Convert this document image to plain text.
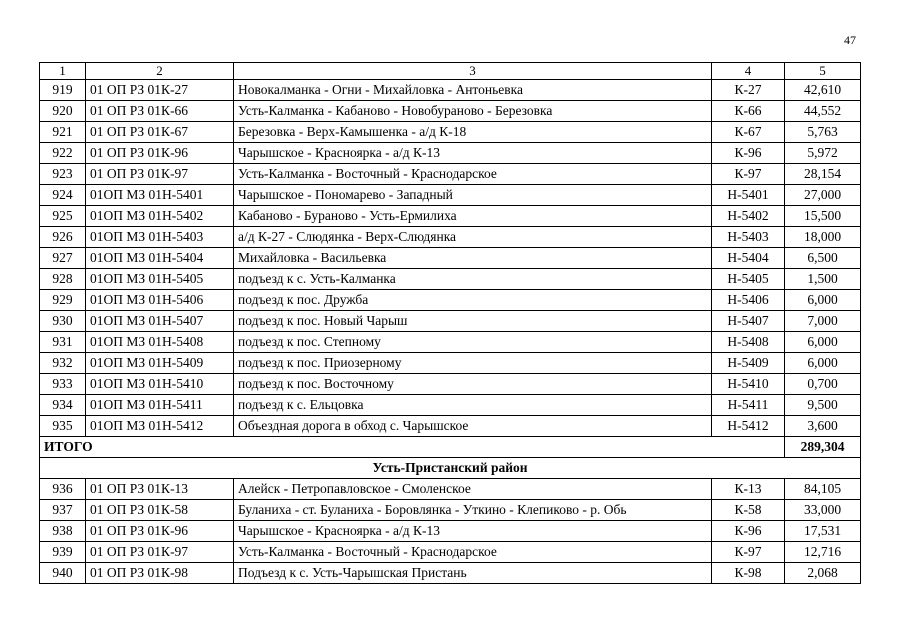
47
1	2	3	4	5
919	01 ОП РЗ 01К-27	Новокалманка - Огни - Михайловка - Антоньевка	К-27	42,610
920	01 ОП РЗ 01К-66	Усть-Калманка - Кабаново - Новобураново - Березовка	К-66	44,552
921	01 ОП РЗ 01К-67	Березовка - Верх-Камышенка - а/д К-18	К-67	5,763
922	01 ОП РЗ 01К-96	Чарышское - Красноярка - а/д К-13	К-96	5,972
923	01 ОП РЗ 01К-97	Усть-Калманка - Восточный - Краснодарское	К-97	28,154
924	01ОП МЗ 01Н-5401	Чарышское - Пономарево - Западный	Н-5401	27,000
925	01ОП МЗ 01Н-5402	Кабаново - Бураново - Усть-Ермилиха	Н-5402	15,500
926	01ОП МЗ 01Н-5403	а/д К-27 - Слюдянка - Верх-Слюдянка	Н-5403	18,000
927	01ОП МЗ 01Н-5404	Михайловка - Васильевка	Н-5404	6,500
928	01ОП МЗ 01Н-5405	подъезд к с. Усть-Калманка	Н-5405	1,500
929	01ОП МЗ 01Н-5406	подъезд к пос. Дружба	Н-5406	6,000
930	01ОП МЗ 01Н-5407	подъезд к пос. Новый Чарыш	Н-5407	7,000
931	01ОП МЗ 01Н-5408	подъезд к пос. Степному	Н-5408	6,000
932	01ОП МЗ 01Н-5409	подъезд к пос. Приозерному	Н-5409	6,000
933	01ОП МЗ 01Н-5410	подъезд к пос. Восточному	Н-5410	0,700
934	01ОП МЗ 01Н-5411	подъезд к с. Ельцовка	Н-5411	9,500
935	01ОП МЗ 01Н-5412	Объездная дорога в обход с. Чарышское	Н-5412	3,600
ИТОГО				289,304
Усть-Пристанский район				
936	01 ОП РЗ 01К-13	Алейск - Петропавловское - Смоленское	К-13	84,105
937	01 ОП РЗ 01К-58	Буланиха - ст. Буланиха - Боровлянка - Уткино - Клепиково - р. Обь	К-58	33,000
938	01 ОП РЗ 01К-96	Чарышское - Красноярка - а/д К-13	К-96	17,531
939	01 ОП РЗ 01К-97	Усть-Калманка - Восточный - Краснодарское	К-97	12,716
940	01 ОП РЗ 01К-98	Подъезд к с. Усть-Чарышская Пристань	К-98	2,068
